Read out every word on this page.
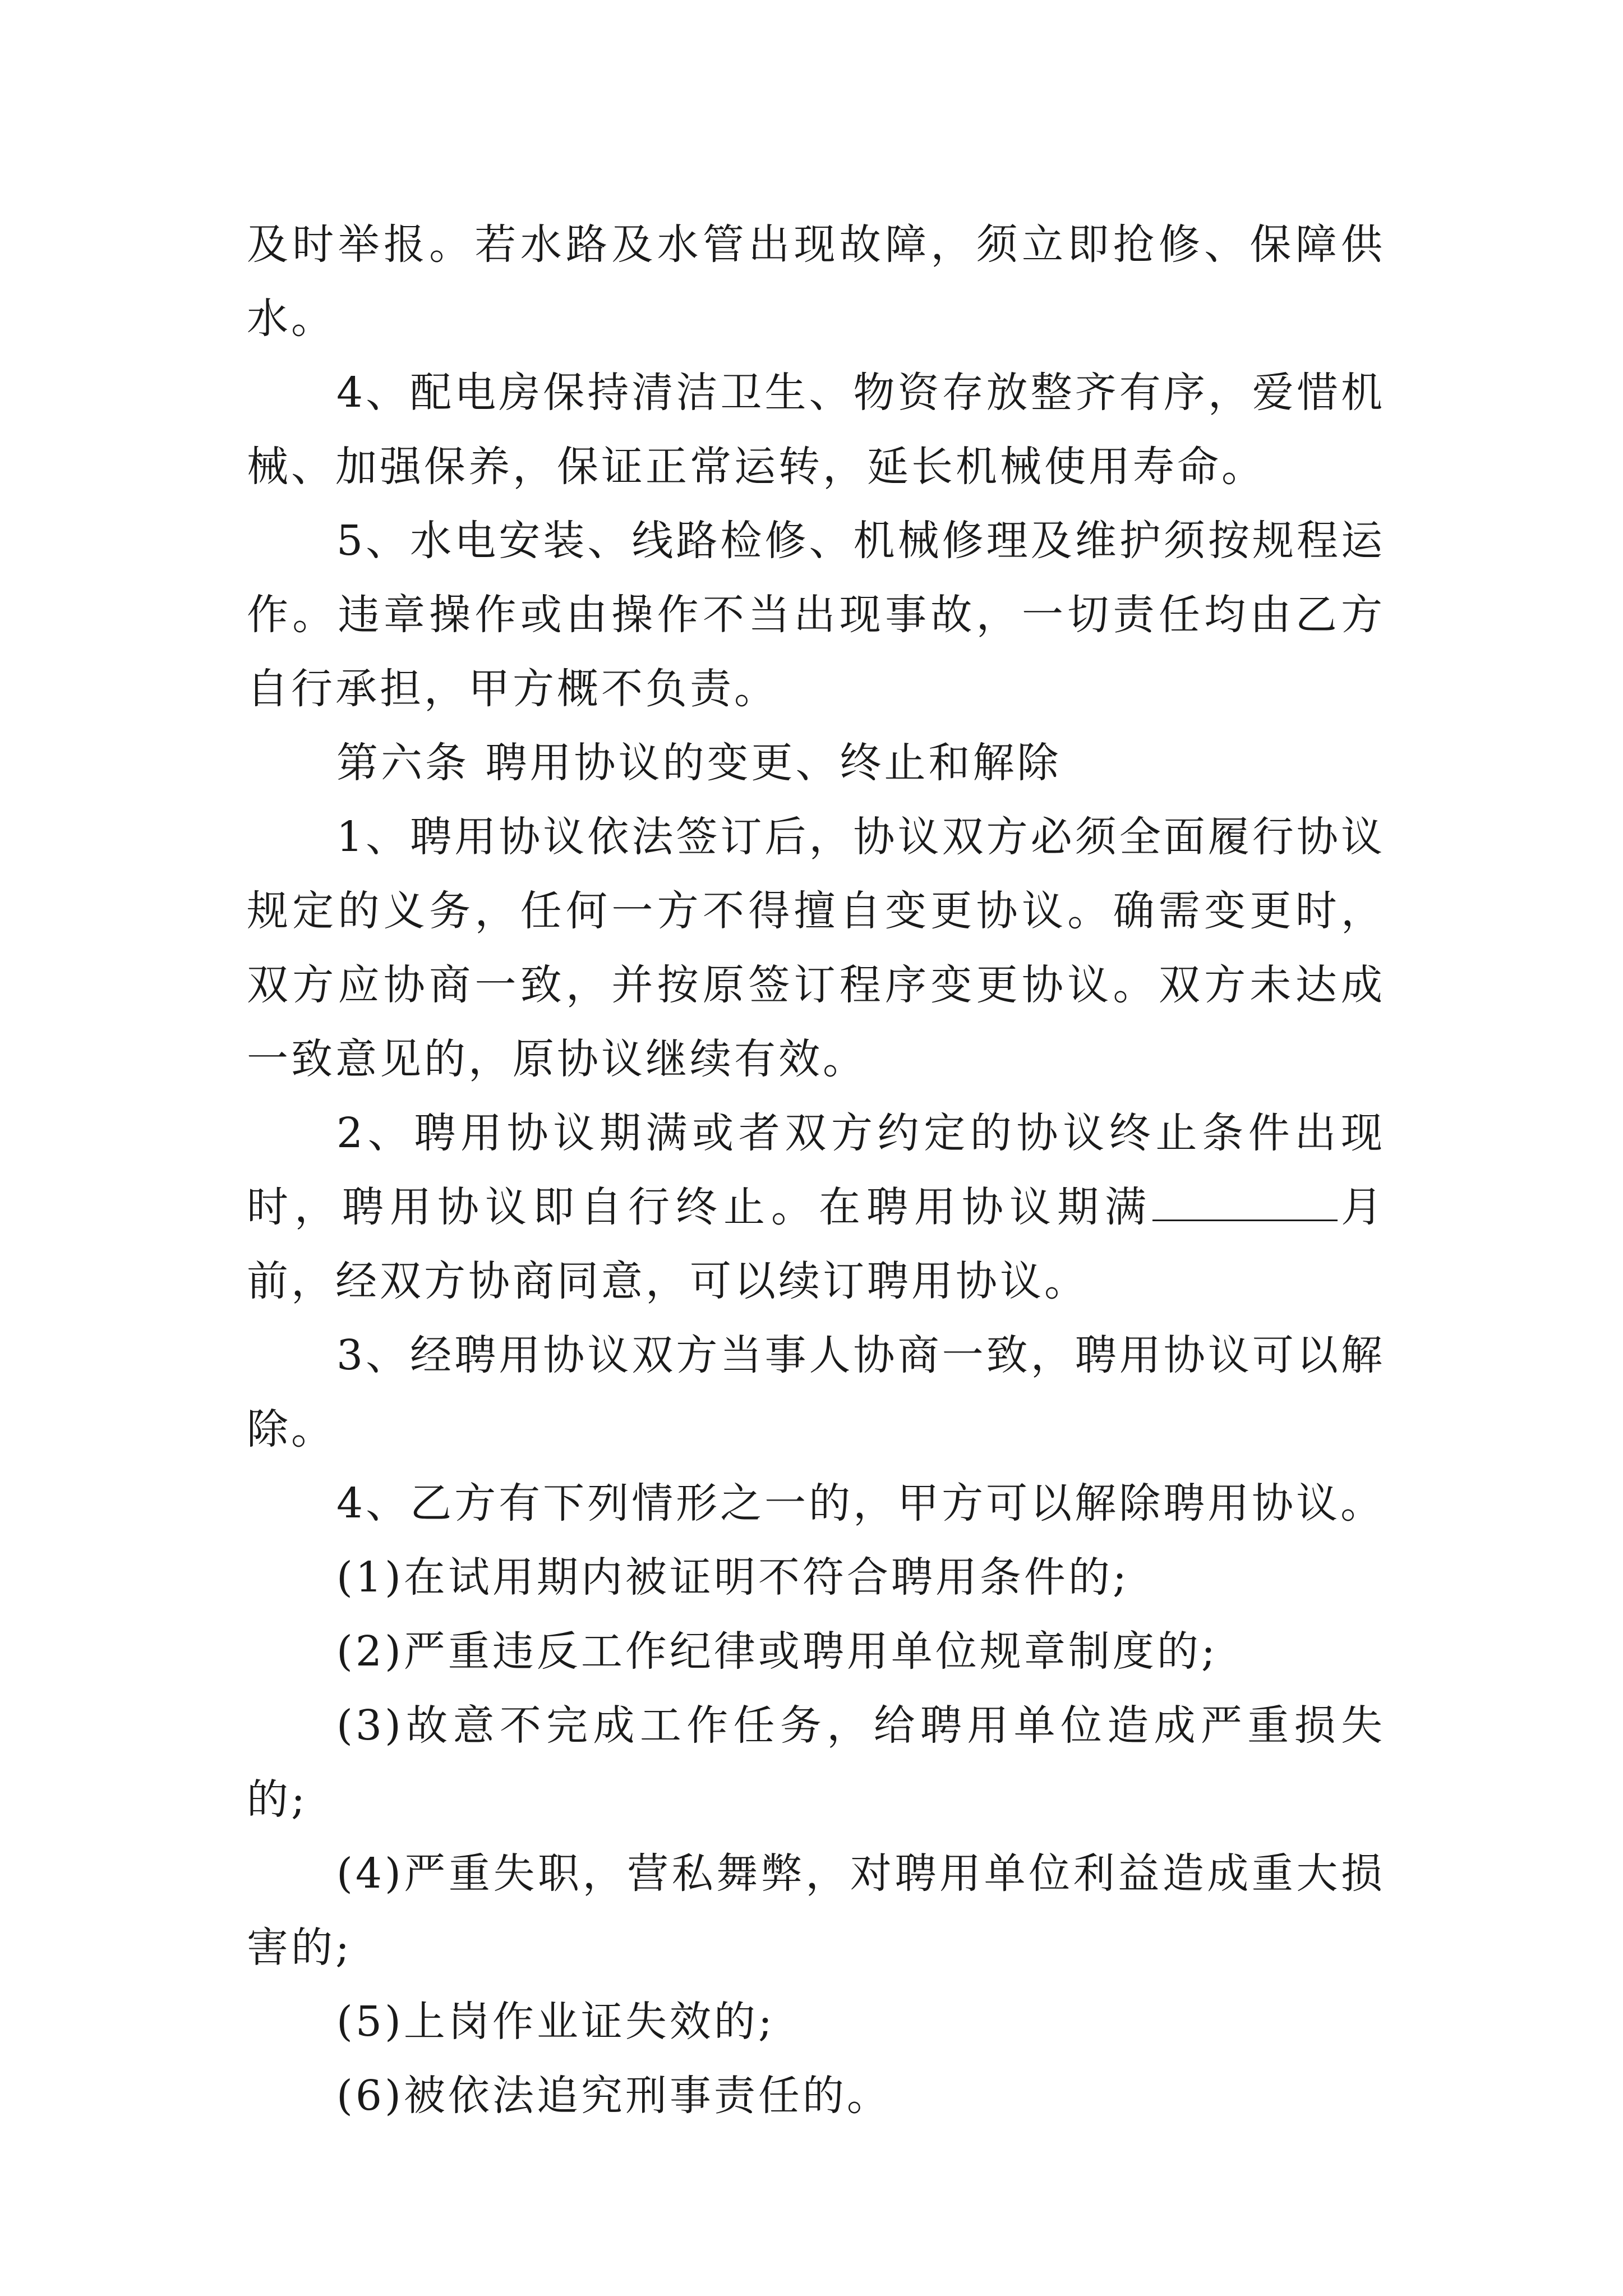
及时举报。若水路及水管出现故障，须立即抢修、保障供水。

4、配电房保持清洁卫生、物资存放整齐有序，爱惜机械、加强保养，保证正常运转，延长机械使用寿命。

5、水电安装、线路检修、机械修理及维护须按规程运作。违章操作或由操作不当出现事故，一切责任均由乙方自行承担，甲方概不负责。

第六条 聘用协议的变更、终止和解除

1、聘用协议依法签订后，协议双方必须全面履行协议规定的义务，任何一方不得擅自变更协议。确需变更时，双方应协商一致，并按原签订程序变更协议。双方未达成一致意见的，原协议继续有效。

2、聘用协议期满或者双方约定的协议终止条件出现时，聘用协议即自行终止。在聘用协议期满	月前，经双方协商同意，可以续订聘用协议。

3、经聘用协议双方当事人协商一致，聘用协议可以解除。

4、乙方有下列情形之一的，甲方可以解除聘用协议。

(1)在试用期内被证明不符合聘用条件的;

(2)严重违反工作纪律或聘用单位规章制度的;

(3)故意不完成工作任务，给聘用单位造成严重损失的;

(4)严重失职，营私舞弊，对聘用单位利益造成重大损害的;

(5)上岗作业证失效的;

(6)被依法追究刑事责任的。
